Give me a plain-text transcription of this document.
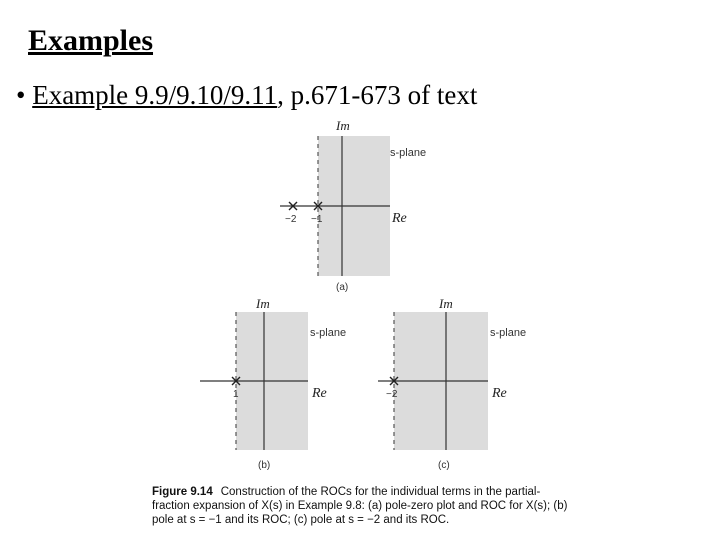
Examples
• Example 9.9/9.10/9.11, p.671-673 of text
Im
Re
s-plane
(a)
−2 −1
Im
Re
s-plane
(b)
1
Im
Re
s-plane
(c)
−2
Figure 9.14 Construction of the ROCs for the individual terms in the partial-fraction expansion of X(s) in Example 9.8: (a) pole-zero plot and ROC for X(s); (b) pole at s = −1 and its ROC; (c) pole at s = −2 and its ROC.
